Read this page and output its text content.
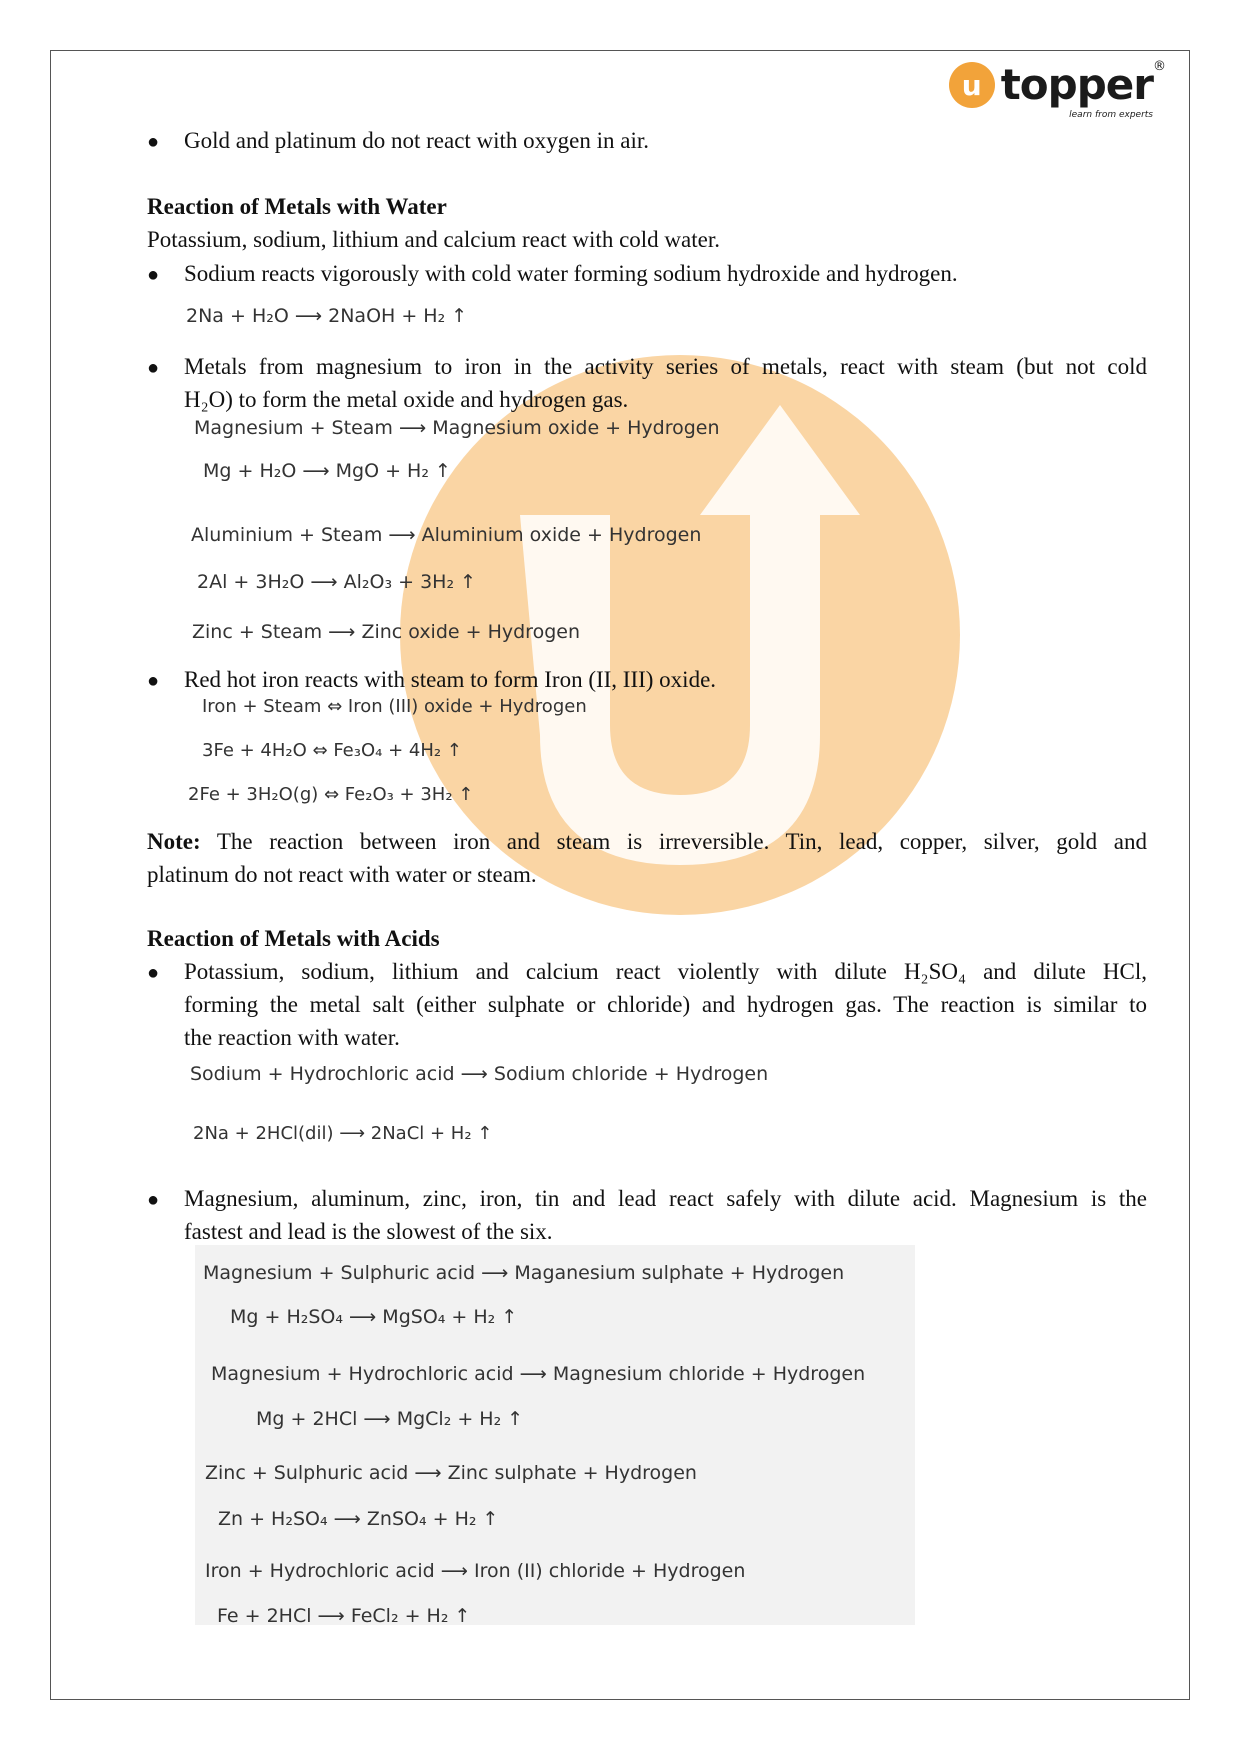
u topper ®
learn from experts
● Gold and platinum do not react with oxygen in air.
Reaction of Metals with Water
Potassium, sodium, lithium and calcium react with cold water.
● Sodium reacts vigorously with cold water forming sodium hydroxide and hydrogen.
2Na + H₂O ⟶ 2NaOH + H₂ ↑
● Metals from magnesium to iron in the activity series of metals, react with steam (but not cold
H₂O) to form the metal oxide and hydrogen gas.
Magnesium + Steam ⟶ Magnesium oxide + Hydrogen
Mg + H₂O ⟶ MgO + H₂ ↑
Aluminium + Steam ⟶ Aluminium oxide + Hydrogen
2Al + 3H₂O ⟶ Al₂O₃ + 3H₂ ↑
Zinc + Steam ⟶ Zinc oxide + Hydrogen
● Red hot iron reacts with steam to form Iron (II, III) oxide.
Iron + Steam ⇔ Iron (III) oxide + Hydrogen
3Fe + 4H₂O ⇔ Fe₃O₄ + 4H₂ ↑
2Fe + 3H₂O(g) ⇔ Fe₂O₃ + 3H₂ ↑
Note: The reaction between iron and steam is irreversible. Tin, lead, copper, silver, gold and
platinum do not react with water or steam.
Reaction of Metals with Acids
● Potassium, sodium, lithium and calcium react violently with dilute H₂SO₄ and dilute HCl,
forming the metal salt (either sulphate or chloride) and hydrogen gas. The reaction is similar to
the reaction with water.
Sodium + Hydrochloric acid ⟶ Sodium chloride + Hydrogen
2Na + 2HCl(dil) ⟶ 2NaCl + H₂ ↑
● Magnesium, aluminum, zinc, iron, tin and lead react safely with dilute acid. Magnesium is the
fastest and lead is the slowest of the six.
Magnesium + Sulphuric acid ⟶ Maganesium sulphate + Hydrogen
Mg + H₂SO₄ ⟶ MgSO₄ + H₂ ↑
Magnesium + Hydrochloric acid ⟶ Magnesium chloride + Hydrogen
Mg + 2HCl ⟶ MgCl₂ + H₂ ↑
Zinc + Sulphuric acid ⟶ Zinc sulphate + Hydrogen
Zn + H₂SO₄ ⟶ ZnSO₄ + H₂ ↑
Iron + Hydrochloric acid ⟶ Iron (II) chloride + Hydrogen
Fe + 2HCl ⟶ FeCl₂ + H₂ ↑
